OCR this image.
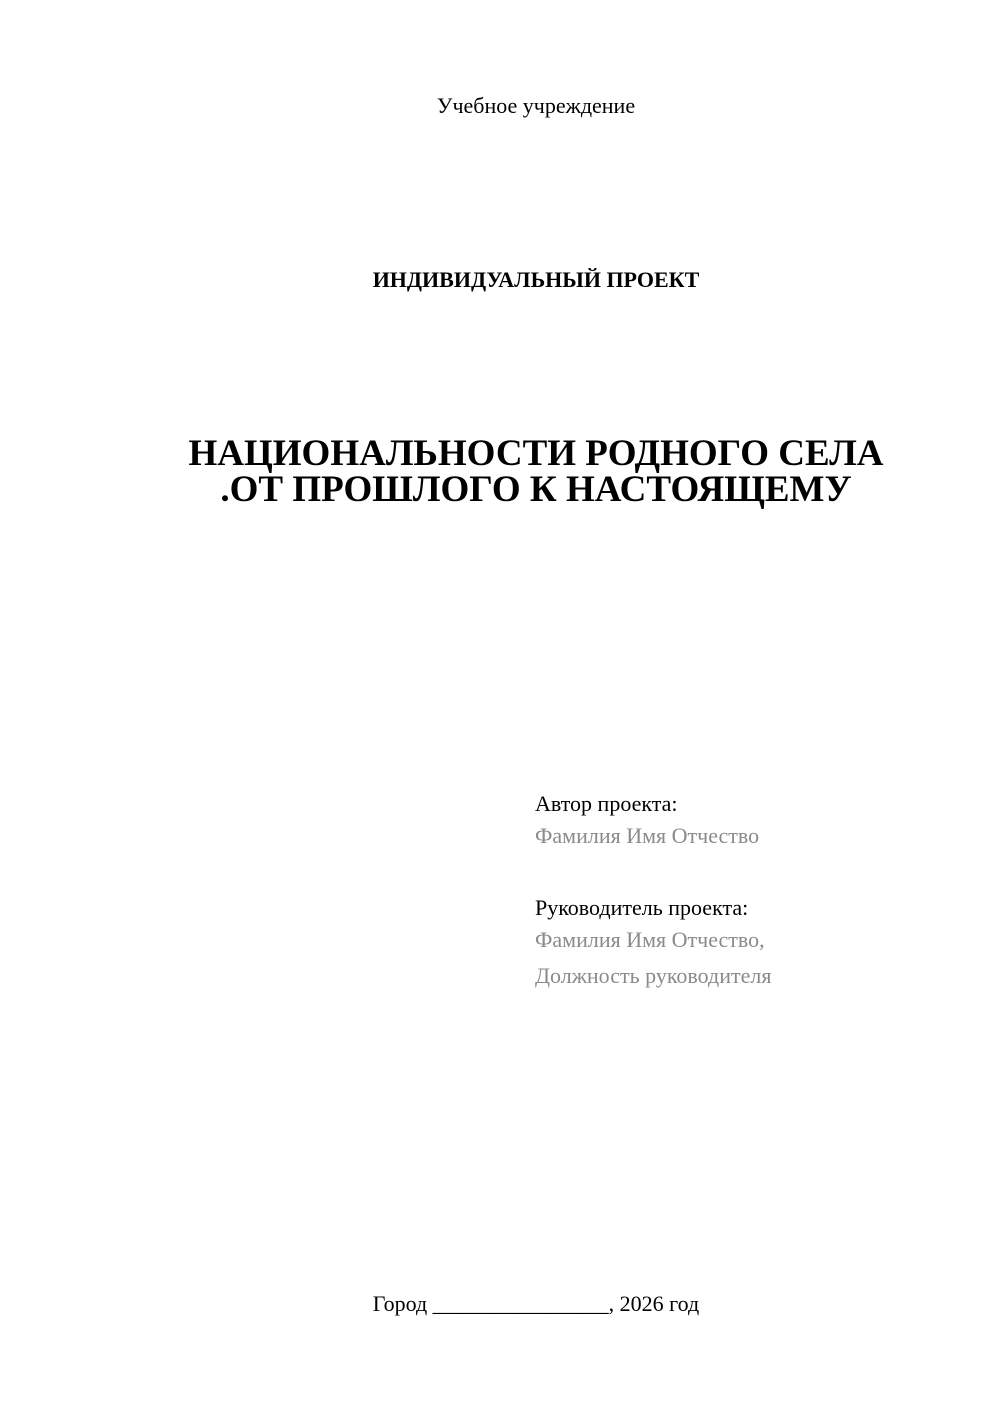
Учебное учреждение
ИНДИВИДУАЛЬНЫЙ ПРОЕКТ
НАЦИОНАЛЬНОСТИ РОДНОГО СЕЛА
.ОТ ПРОШЛОГО К НАСТОЯЩЕМУ
Автор проекта:
Фамилия Имя Отчество
Руководитель проекта:
Фамилия Имя Отчество,
Должность руководителя
Город ________________, 2026 год
